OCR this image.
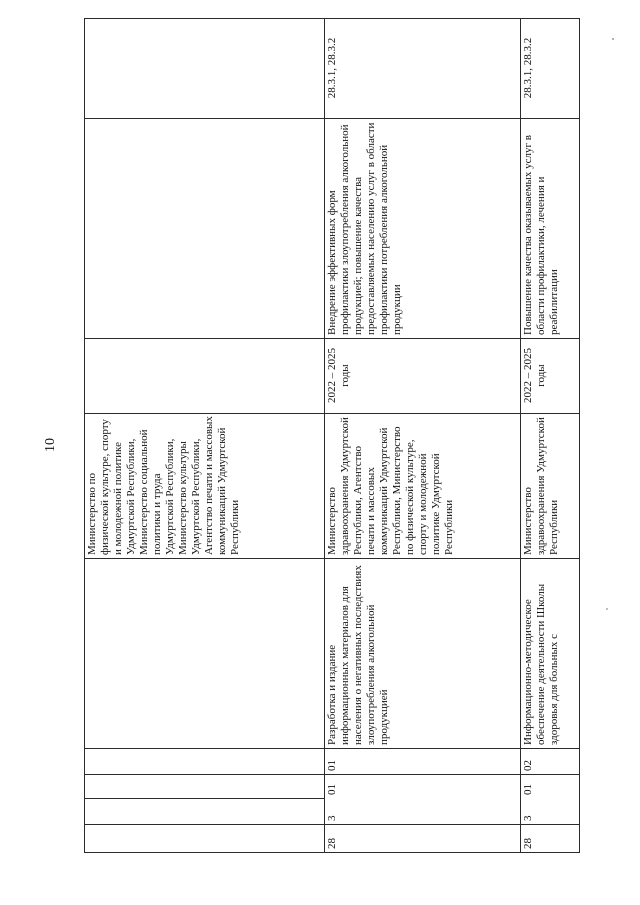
10
Министерство по физической культуре, спорту и молодежной политике Удмуртской Республики, Министерство социальной политики и труда Удмуртской Республики, Министерство культуры Удмуртской Республики, Агентство печати и массовых коммуникаций Удмуртской Республики
28
3
01
01
Разработка и издание информационных материалов для населения о негативных последствиях злоупотребления алкогольной продукцией
Министерство здравоохранения Удмуртской Республики, Агентство печати и массовых коммуникаций Удмуртской Республики, Министерство по физической культуре, спорту и молодежной политике Удмуртской Республики
2022 – 2025 годы
Внедрение эффективных форм профилактики злоупотребления алкогольной продукцией; повышение качества предоставляемых населению услуг в области профилактики потребления алкогольной продукции
28.3.1, 28.3.2
28
3
01
02
Информационно-методическое обеспечение деятельности Школы здоровья для больных с
Министерство здравоохранения Удмуртской Республики
2022 – 2025 годы
Повышение качества оказываемых услуг в области профилактики, лечения и реабилитации
28.3.1, 28.3.2
